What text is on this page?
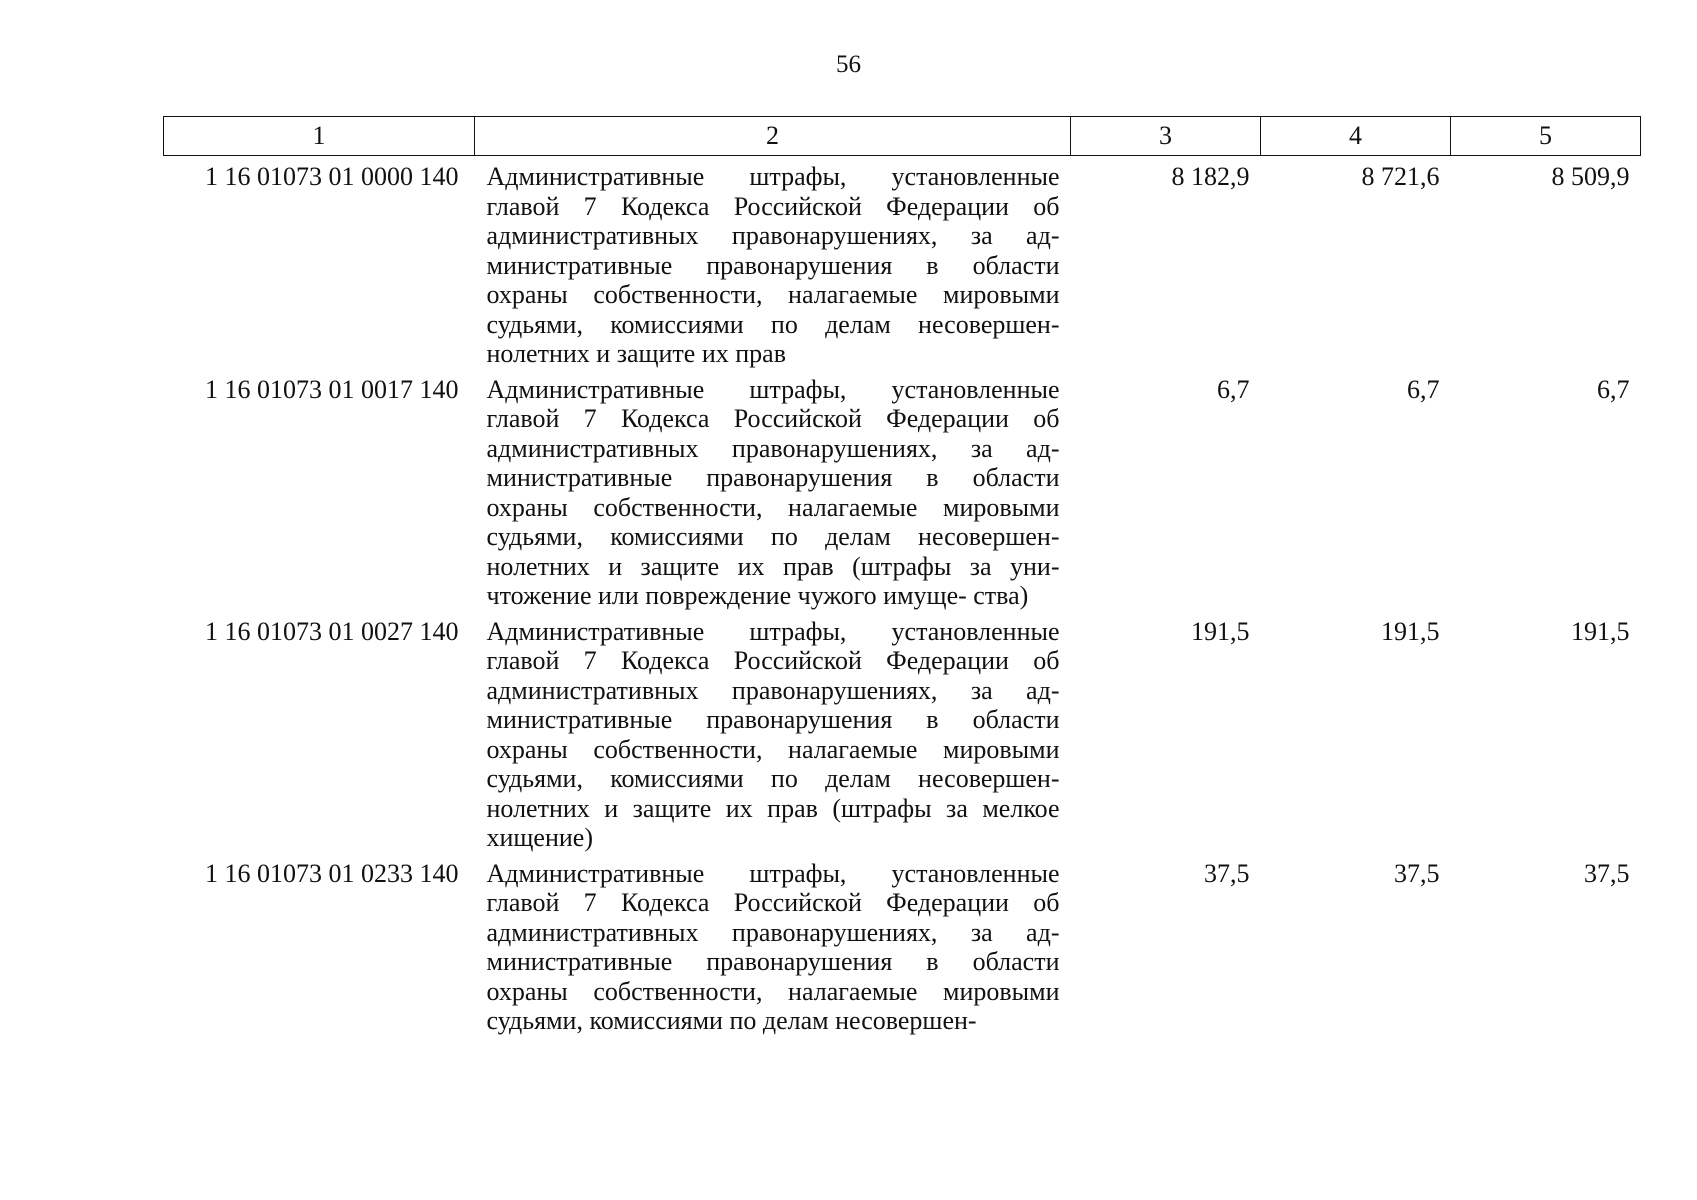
56
1	2	3	4	5
1 16 01073 01 0000 140	Административные штрафы, установленные главой 7 Кодекса Российской Федерации об административных правонарушениях, за ад- министративные правонарушения в области охраны собственности, налагаемые мировыми судьями, комиссиями по делам несовершен- нолетних и защите их прав	8 182,9	8 721,6	8 509,9
1 16 01073 01 0017 140	Административные штрафы, установленные главой 7 Кодекса Российской Федерации об административных правонарушениях, за ад- министративные правонарушения в области охраны собственности, налагаемые мировыми судьями, комиссиями по делам несовершен- нолетних и защите их прав (штрафы за уни- чтожение или повреждение чужого имуще- ства)	6,7	6,7	6,7
1 16 01073 01 0027 140	Административные штрафы, установленные главой 7 Кодекса Российской Федерации об административных правонарушениях, за ад- министративные правонарушения в области охраны собственности, налагаемые мировыми судьями, комиссиями по делам несовершен- нолетних и защите их прав (штрафы за мелкое хищение)	191,5	191,5	191,5
1 16 01073 01 0233 140	Административные штрафы, установленные главой 7 Кодекса Российской Федерации об административных правонарушениях, за ад- министративные правонарушения в области охраны собственности, налагаемые мировыми судьями, комиссиями по делам несовершен-	37,5	37,5	37,5
